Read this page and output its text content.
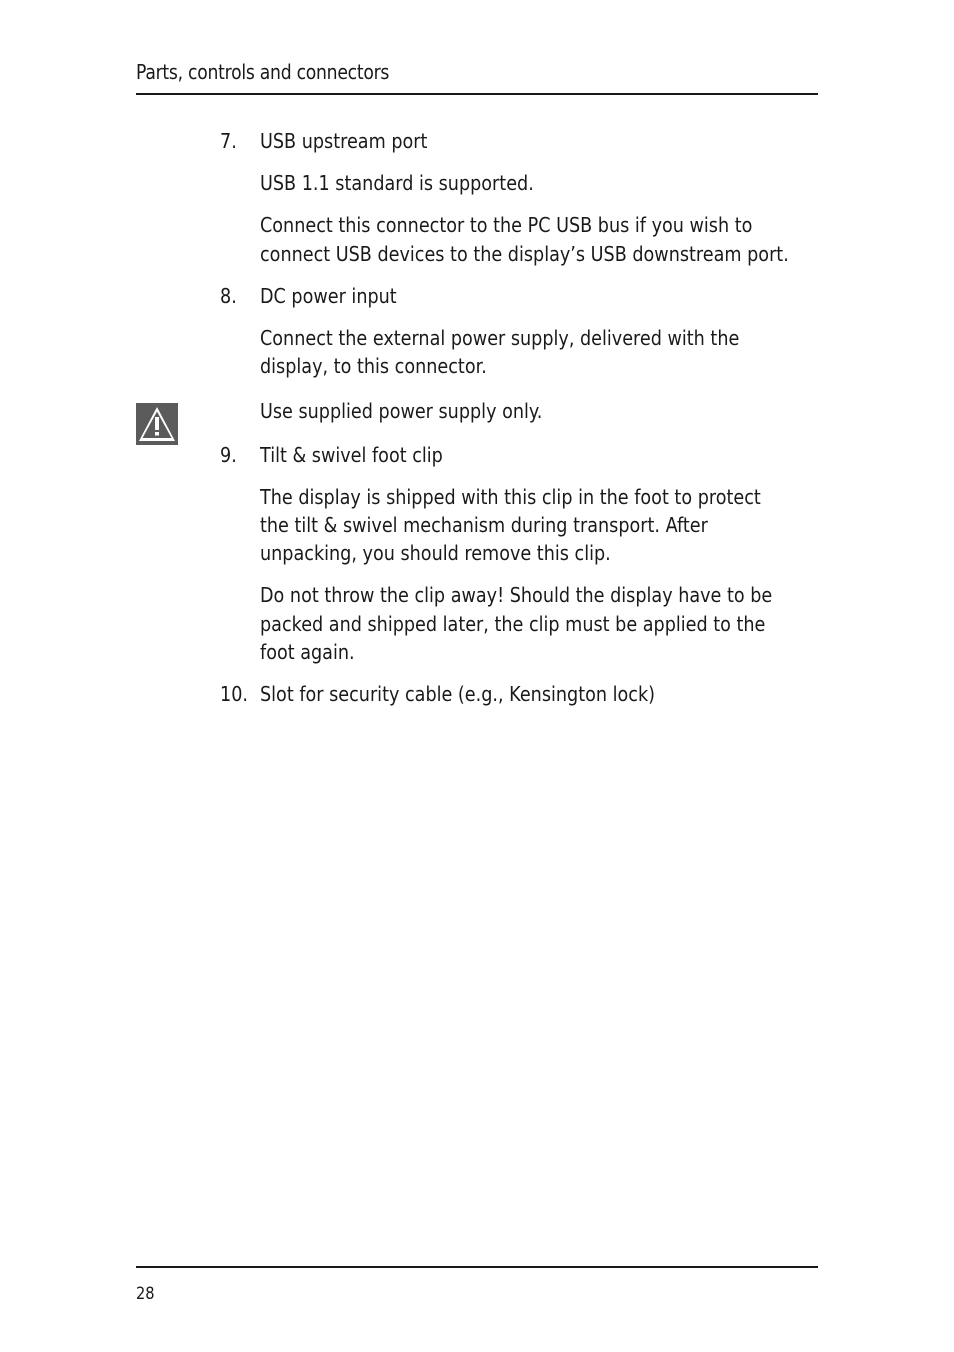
Parts, controls and connectors
7. USB upstream port
USB 1.1 standard is supported.
Connect this connector to the PC USB bus if you wish to
connect USB devices to the display’s USB downstream port.
8. DC power input
Connect the external power supply, delivered with the
display, to this connector.
Use supplied power supply only.
9. Tilt & swivel foot clip
The display is shipped with this clip in the foot to protect
the tilt & swivel mechanism during transport. After
unpacking, you should remove this clip.
Do not throw the clip away! Should the display have to be
packed and shipped later, the clip must be applied to the
foot again.
10. Slot for security cable (e.g., Kensington lock)
28
